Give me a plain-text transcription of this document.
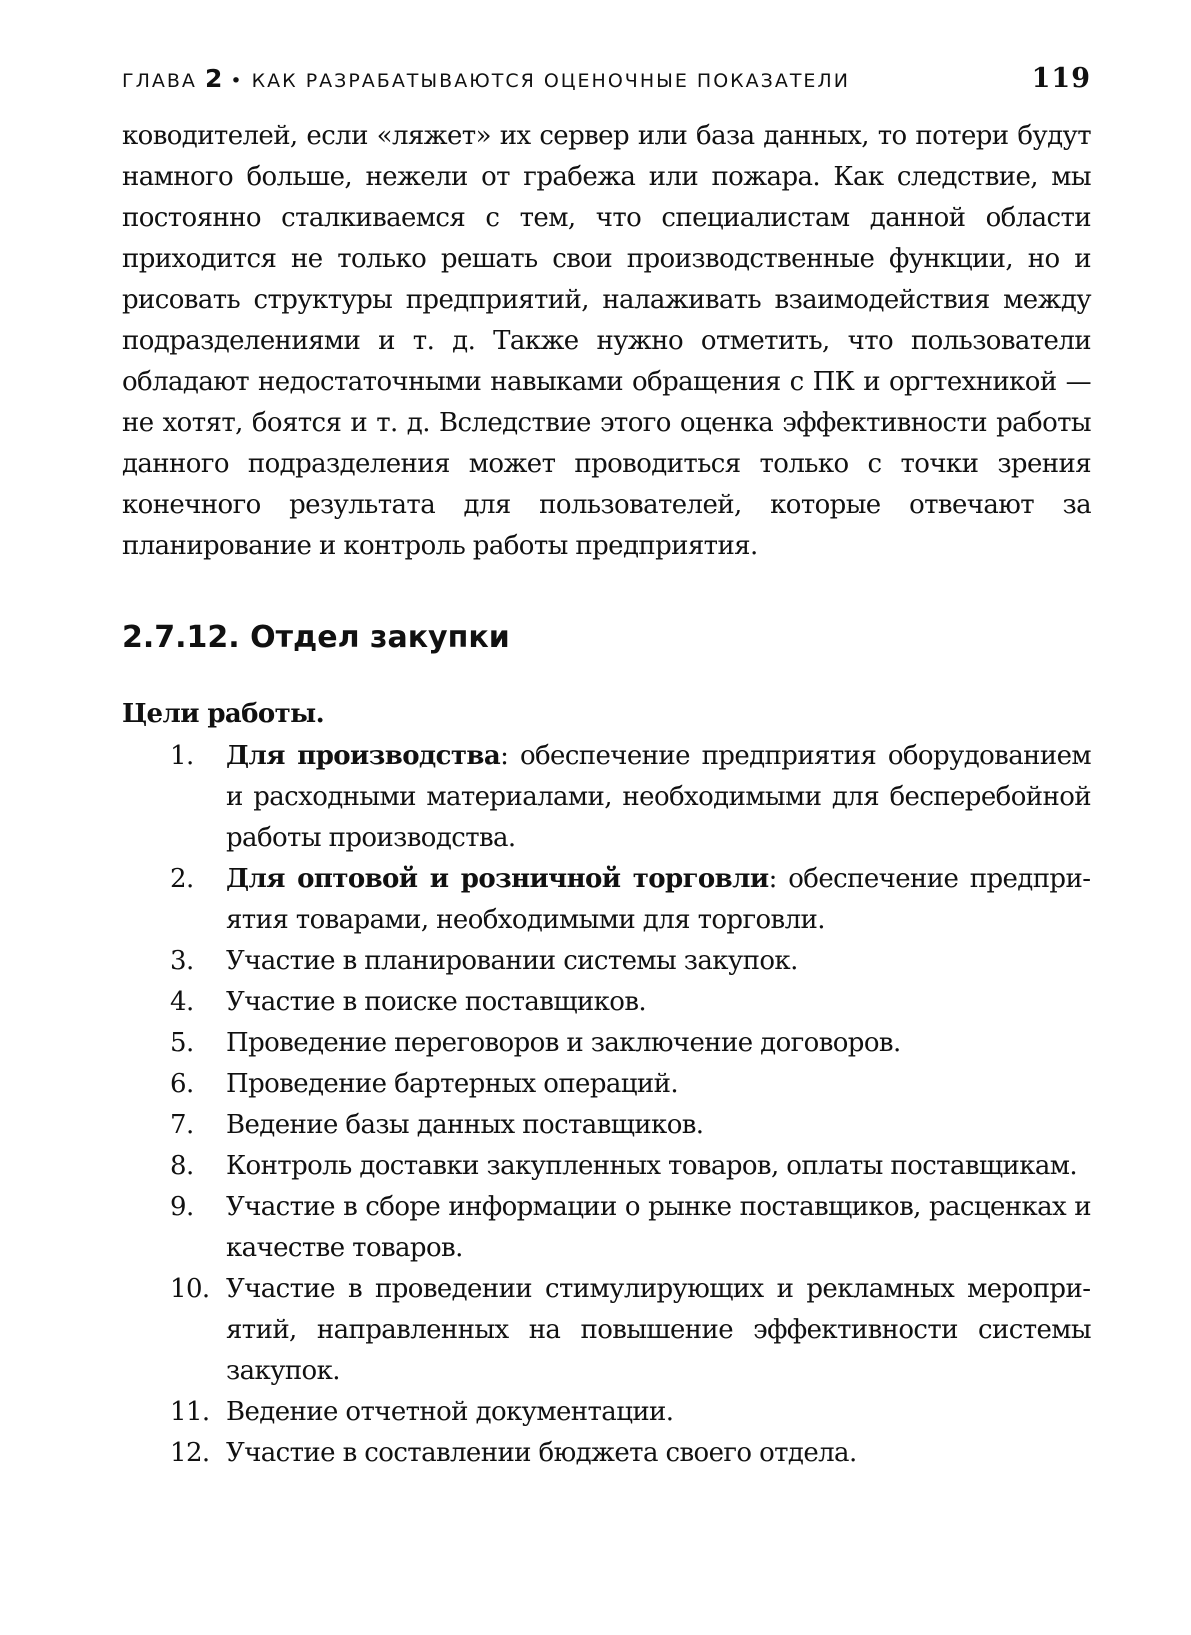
ГЛАВА 2 • КАК РАЗРАБАТЫВАЮТСЯ ОЦЕНОЧНЫЕ ПОКАЗАТЕЛИ	119

ководителей, если «ляжет» их сервер или база данных, то потери будут намного больше, нежели от грабежа или пожара. Как следствие, мы постоянно сталкиваемся с тем, что специалистам данной области приходится не только решать свои производственные функции, но и рисовать структуры предприятий, налаживать взаимодействия между подразделениями и т. д. Также нужно отметить, что пользователи обладают недостаточными навыками обращения с ПК и оргтехникой — не хотят, боятся и т. д. Вследствие этого оценка эффективности работы данного подразделения может проводиться только с точки зрения конечного результата для пользователей, которые отвечают за планирование и контроль работы предприятия.

2.7.12. Отдел закупки

Цели работы.

1. Для производства: обеспечение предприятия оборудованием и расходными материалами, необходимыми для бесперебойной работы производства.
2. Для оптовой и розничной торговли: обеспечение предприятия товарами, необходимыми для торговли.
3. Участие в планировании системы закупок.
4. Участие в поиске поставщиков.
5. Проведение переговоров и заключение договоров.
6. Проведение бартерных операций.
7. Ведение базы данных поставщиков.
8. Контроль доставки закупленных товаров, оплаты поставщикам.
9. Участие в сборе информации о рынке поставщиков, расценках и качестве товаров.
10. Участие в проведении стимулирующих и рекламных мероприятий, направленных на повышение эффективности системы закупок.
11. Ведение отчетной документации.
12. Участие в составлении бюджета своего отдела.
